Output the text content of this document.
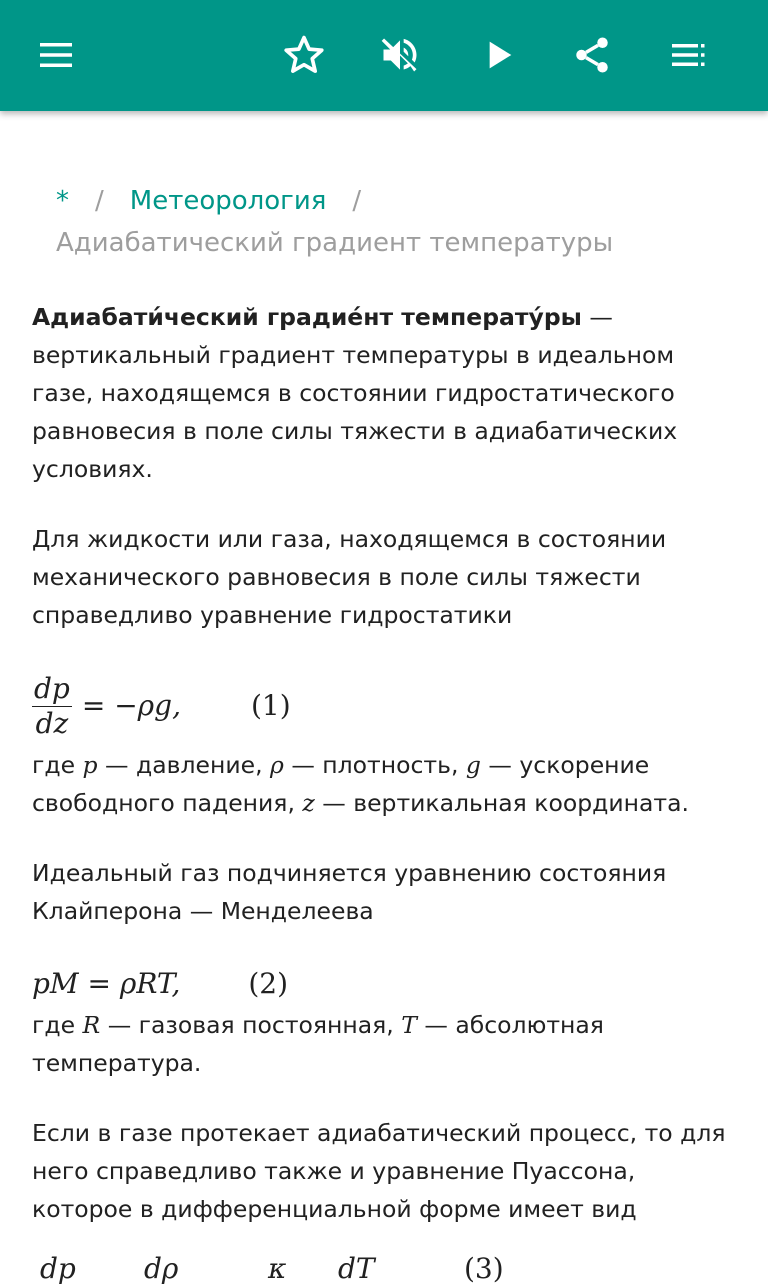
* / Метеорология /
Адиабатический градиент температуры

Адиабати́ческий градие́нт температу́ры — вертикальный градиент температуры в идеальном газе, находящемся в состоянии гидростатического равновесия в поле силы тяжести в адиабатических условиях.

Для жидкости или газа, находящемся в состоянии механического равновесия в поле силы тяжести справедливо уравнение гидростатики

$\frac{dp}{dz} = -\rho g$,	(1)

где p — давление, ρ — плотность, g — ускорение свободного падения, z — вертикальная координата.

Идеальный газ подчиняется уравнению состояния Клайперона — Менделеева

pM = ρRT, (2)

где R — газовая постоянная, T — абсолютная температура.

Если в газе протекает адиабатический процесс, то для него справедливо также и уравнение Пуассона, которое в дифференциальной форме имеет вид

dp dρ	κ dT	(3)
